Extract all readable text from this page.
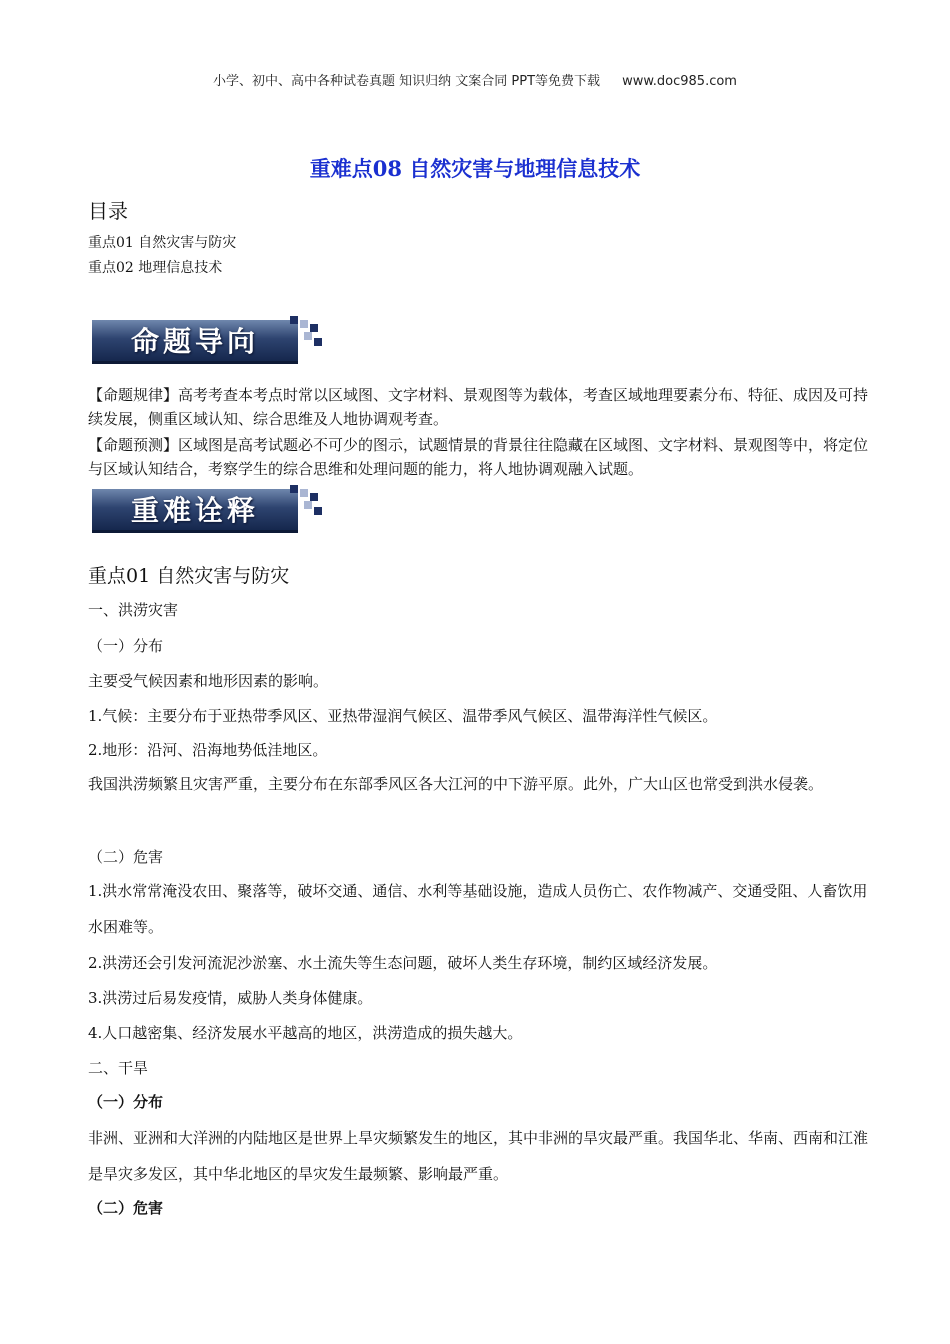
小学、初中、高中各种试卷真题 知识归纳 文案合同 PPT等免费下载 www.doc985.com
重难点08 自然灾害与地理信息技术
目录
重点01 自然灾害与防灾
重点02 地理信息技术
命题导向
【命题规律】高考考查本考点时常以区域图、文字材料、景观图等为载体，考查区域地理要素分布、特征、成因及可持续发展，侧重区域认知、综合思维及人地协调观考查。
【命题预测】区域图是高考试题必不可少的图示，试题情景的背景往往隐藏在区域图、文字材料、景观图等中，将定位与区域认知结合，考察学生的综合思维和处理问题的能力，将人地协调观融入试题。
重难诠释
重点01 自然灾害与防灾
一、洪涝灾害
（一）分布
主要受气候因素和地形因素的影响。
1.气候：主要分布于亚热带季风区、亚热带湿润气候区、温带季风气候区、温带海洋性气候区。
2.地形：沿河、沿海地势低洼地区。
我国洪涝频繁且灾害严重，主要分布在东部季风区各大江河的中下游平原。此外，广大山区也常受到洪水侵袭。
（二）危害
1.洪水常常淹没农田、聚落等，破坏交通、通信、水利等基础设施，造成人员伤亡、农作物减产、交通受阻、人畜饮用水困难等。
2.洪涝还会引发河流泥沙淤塞、水土流失等生态问题，破坏人类生存环境，制约区域经济发展。
3.洪涝过后易发疫情，威胁人类身体健康。
4.人口越密集、经济发展水平越高的地区，洪涝造成的损失越大。
二、干旱
（一）分布
非洲、亚洲和大洋洲的内陆地区是世界上旱灾频繁发生的地区，其中非洲的旱灾最严重。我国华北、华南、西南和江淮是旱灾多发区，其中华北地区的旱灾发生最频繁、影响最严重。
（二）危害
